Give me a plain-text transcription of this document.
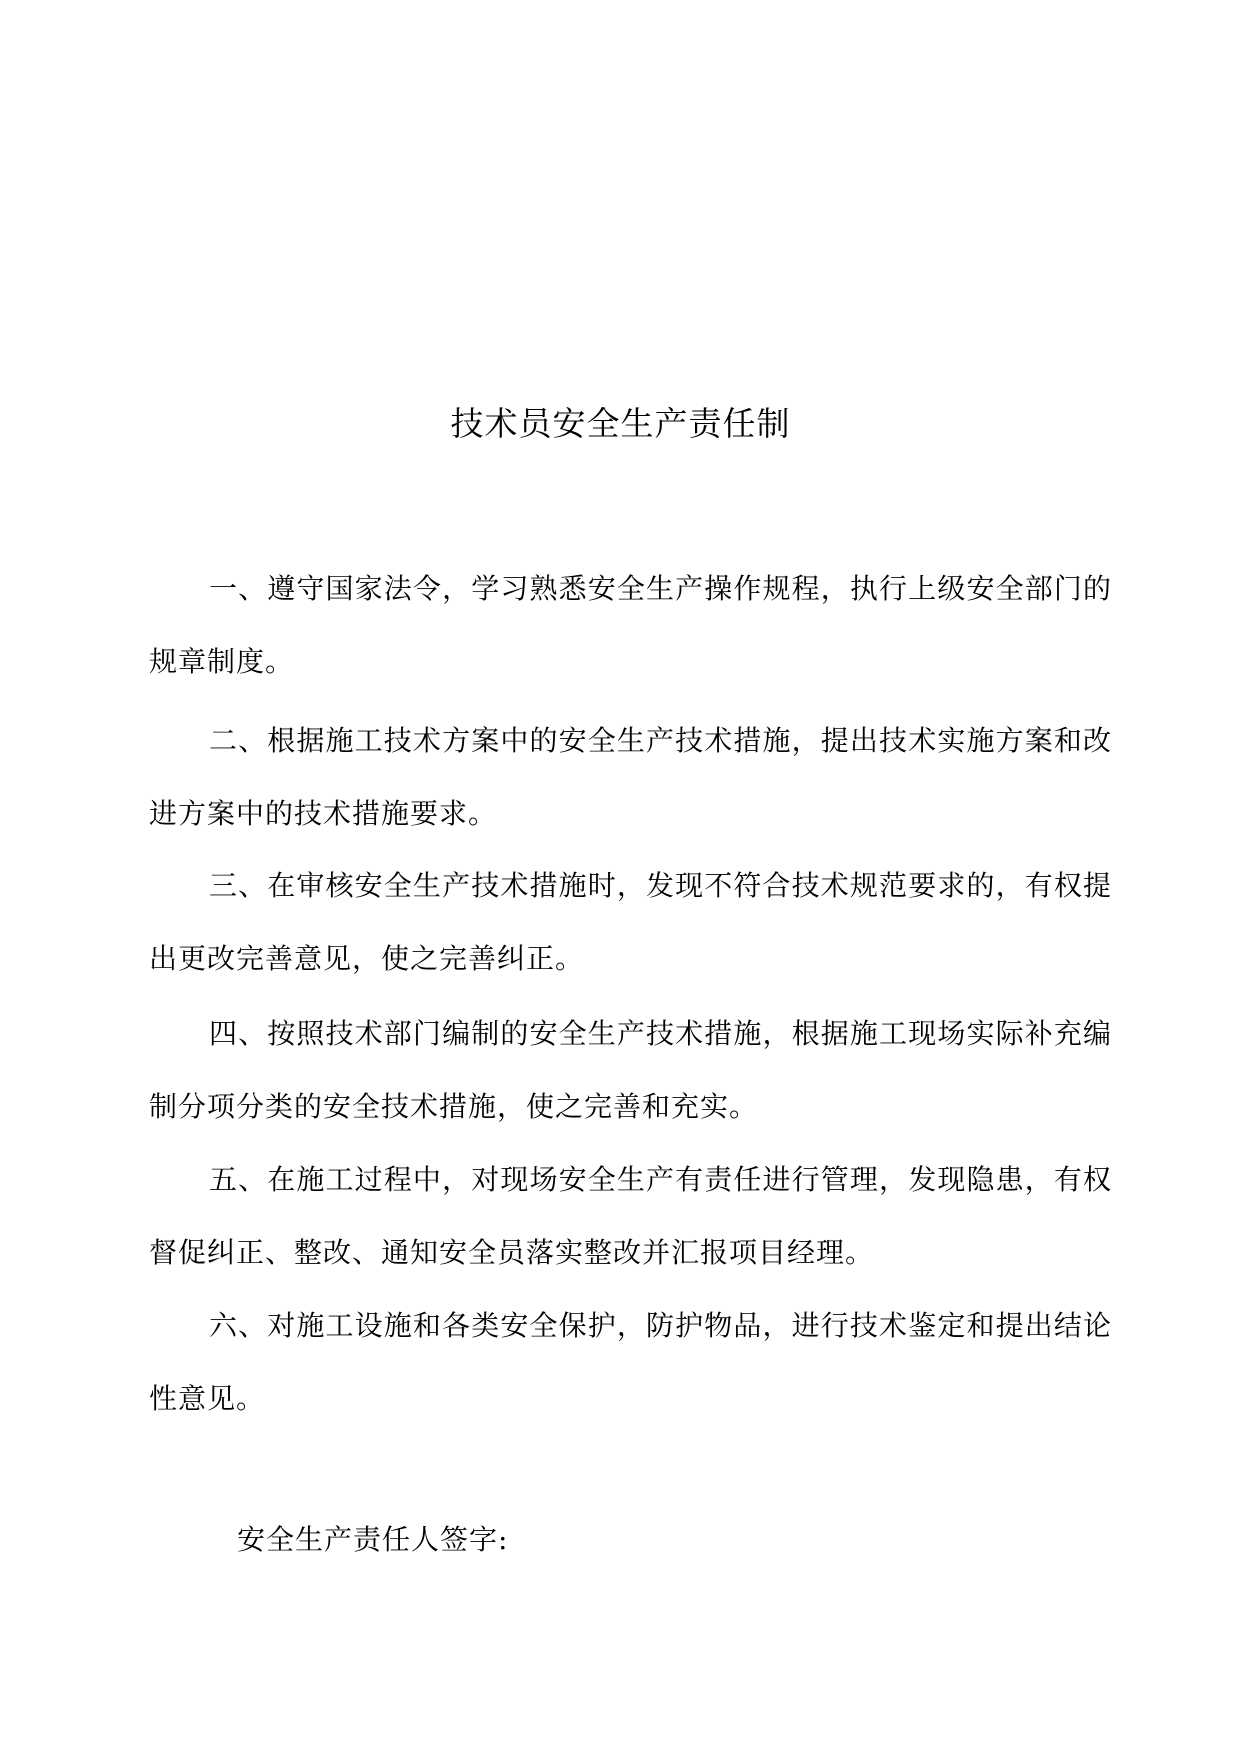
技术员安全生产责任制

一、遵守国家法令，学习熟悉安全生产操作规程，执行上级安全部门的规章制度。

二、根据施工技术方案中的安全生产技术措施，提出技术实施方案和改进方案中的技术措施要求。

三、在审核安全生产技术措施时，发现不符合技术规范要求的，有权提出更改完善意见，使之完善纠正。

四、按照技术部门编制的安全生产技术措施，根据施工现场实际补充编制分项分类的安全技术措施，使之完善和充实。

五、在施工过程中，对现场安全生产有责任进行管理，发现隐患，有权督促纠正、整改、通知安全员落实整改并汇报项目经理。

六、对施工设施和各类安全保护，防护物品，进行技术鉴定和提出结论性意见。

安全生产责任人签字:
